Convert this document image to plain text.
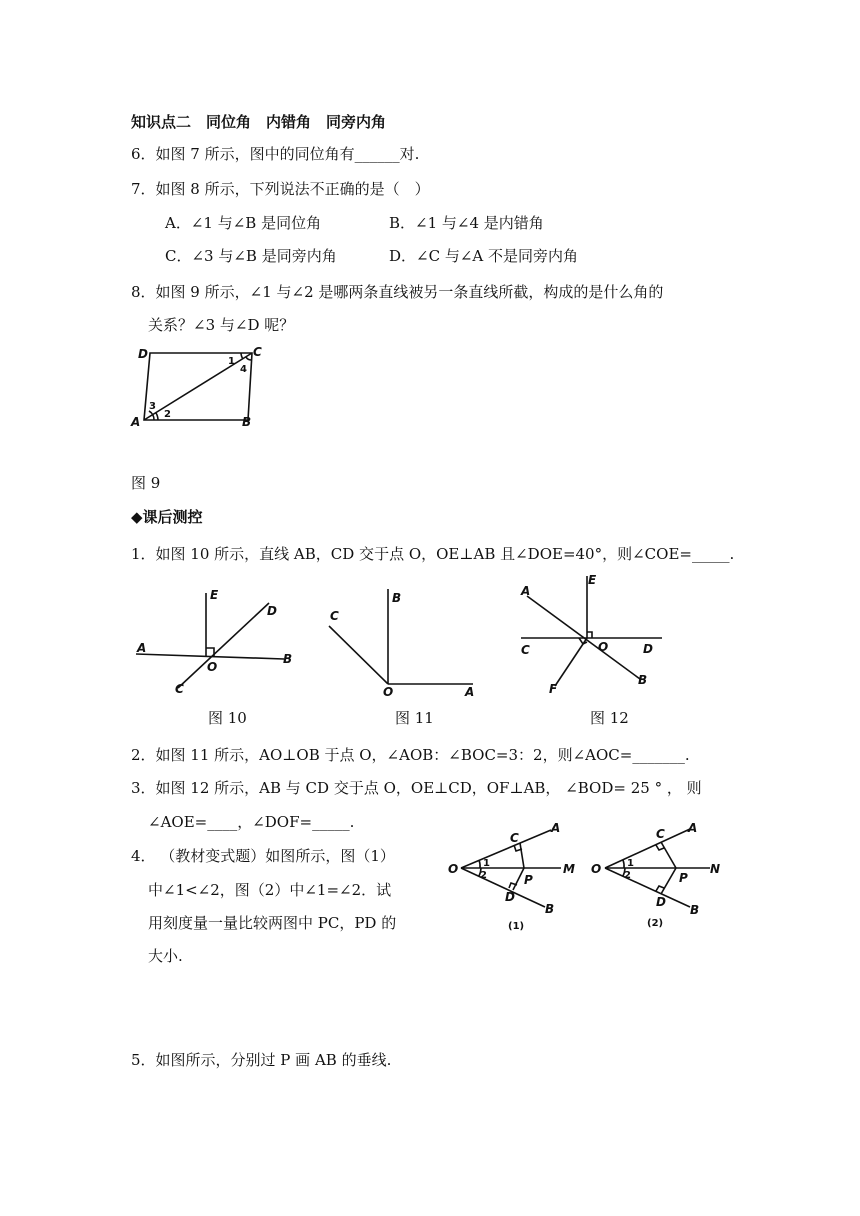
知识点二　同位角　内错角　同旁内角
6．如图 7 所示，图中的同位角有______对.
7．如图 8 所示，下列说法不正确的是（　）
A．∠1 与∠B 是同位角	B．∠1 与∠4 是内错角
C．∠3 与∠B 是同旁内角	D．∠C 与∠A 不是同旁内角
8．如图 9 所示，∠1 与∠2 是哪两条直线被另一条直线所截，构成的是什么角的
关系？∠3 与∠D 呢？
D	C
A	B
1
4
3
2
图 9
◆课后测控
1．如图 10 所示，直线 AB，CD 交于点 O，OE⊥AB 且∠DOE=40°，则∠COE=_____.
A
B
C
D
E
O
图 10
C
B
O	A
图 11
A
E
C	O	D
F
B
图 12
2．如图 11 所示，AO⊥OB 于点 O，∠AOB：∠BOC=3：2，则∠AOC=_______.
3．如图 12 所示，AB 与 CD 交于点 O，OE⊥CD，OF⊥AB， ∠BOD= 25 ° ， 则
∠AOE=____，∠DOF=_____.
4． （教材变式题）如图所示，图（1）
中∠1<∠2，图（2）中∠1=∠2．试
用刻度量一量比较两图中 PC，PD 的
大小.
O
C
A
P
M
D
B
1
2
(1)
O
C A
P
N
D
B
1
2
(2)
5．如图所示，分别过 P 画 AB 的垂线.
